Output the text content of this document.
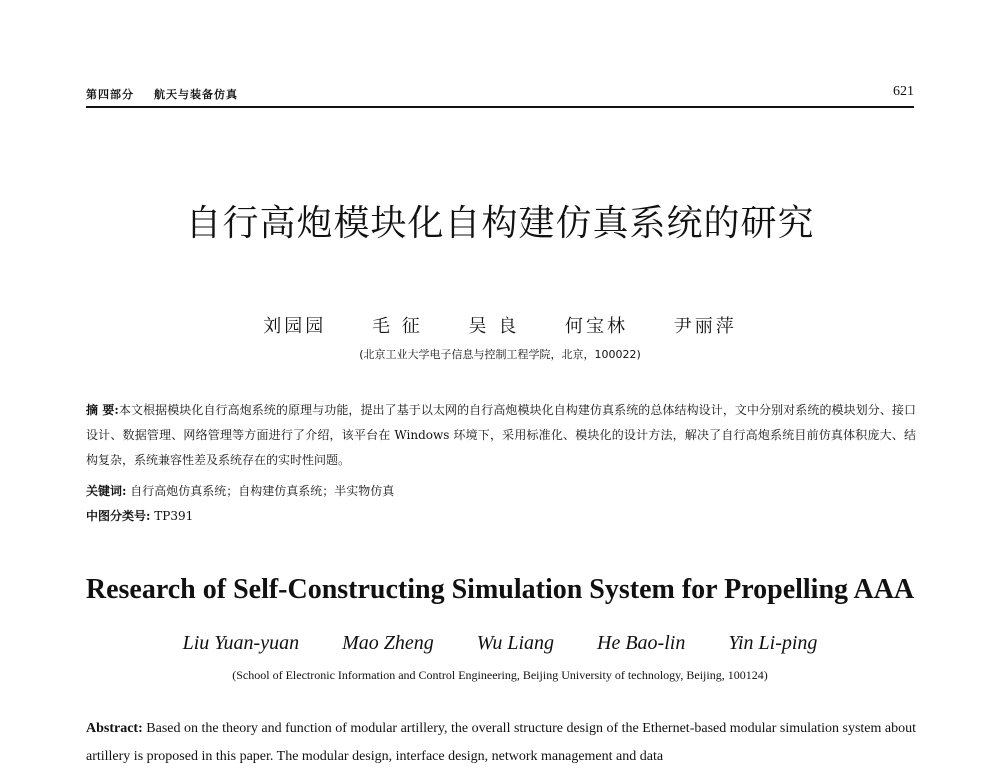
第四部分 航天与装备仿真	621
自行高炮模块化自构建仿真系统的研究
刘园园	毛 征	吴 良	何宝林	尹丽萍
(北京工业大学电子信息与控制工程学院，北京，100022)
摘 要:本文根据模块化自行高炮系统的原理与功能，提出了基于以太网的自行高炮模块化自构建仿真系统的总体结构设计，文中分别对系统的模块划分、接口设计、数据管理、网络管理等方面进行了介绍，该平台在 Windows 环境下，采用标准化、模块化的设计方法，解决了自行高炮系统目前仿真体积庞大、结构复杂，系统兼容性差及系统存在的实时性问题。
关键词: 自行高炮仿真系统；自构建仿真系统；半实物仿真
中图分类号: TP391
Research of Self-Constructing Simulation System for Propelling AAA
Liu Yuan-yuan Mao Zheng Wu Liang He Bao-lin Yin Li-ping
(School of Electronic Information and Control Engineering, Beijing University of technology, Beijing, 100124)
Abstract: Based on the theory and function of modular artillery, the overall structure design of the Ethernet-based modular simulation system about artillery is proposed in this paper. The modular design, interface design, network management and data
